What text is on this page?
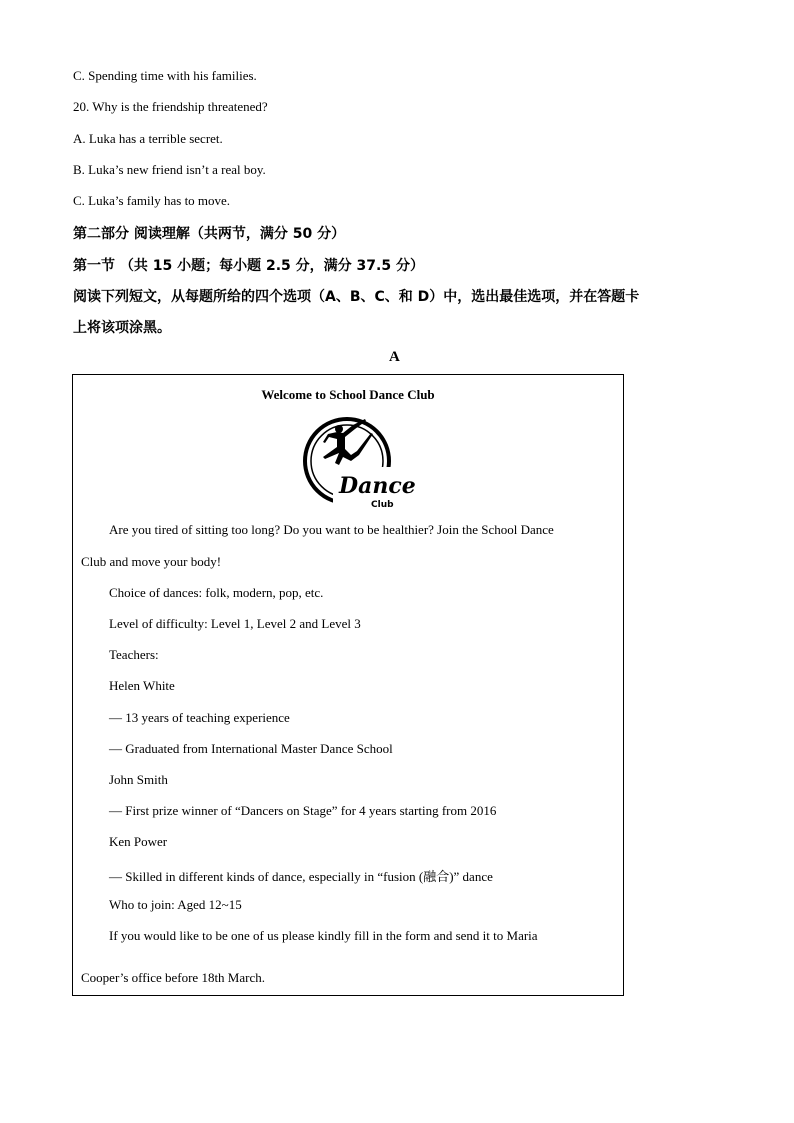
C. Spending time with his families.
20. Why is the friendship threatened?
A. Luka has a terrible secret.
B. Luka’s new friend isn’t a real boy.
C. Luka’s family has to move.
第二部分 阅读理解（共两节，满分 50 分）
第一节 （共 15 小题；每小题 2.5 分，满分 37.5 分）
阅读下列短文，从每题所给的四个选项（A、B、C、和 D）中，选出最佳选项，并在答题卡
上将该项涂黑。
A
Welcome to School Dance Club
Dance
Club
Are you tired of sitting too long? Do you want to be healthier? Join the School Dance
Club and move your body!
Choice of dances: folk, modern, pop, etc.
Level of difficulty: Level 1, Level 2 and Level 3
Teachers:
Helen White
— 13 years of teaching experience
— Graduated from International Master Dance School
John Smith
— First prize winner of “Dancers on Stage” for 4 years starting from 2016
Ken Power
— Skilled in different kinds of dance, especially in “fusion (融合)” dance
Who to join: Aged 12~15
If you would like to be one of us please kindly fill in the form and send it to Maria
Cooper’s office before 18th March.
